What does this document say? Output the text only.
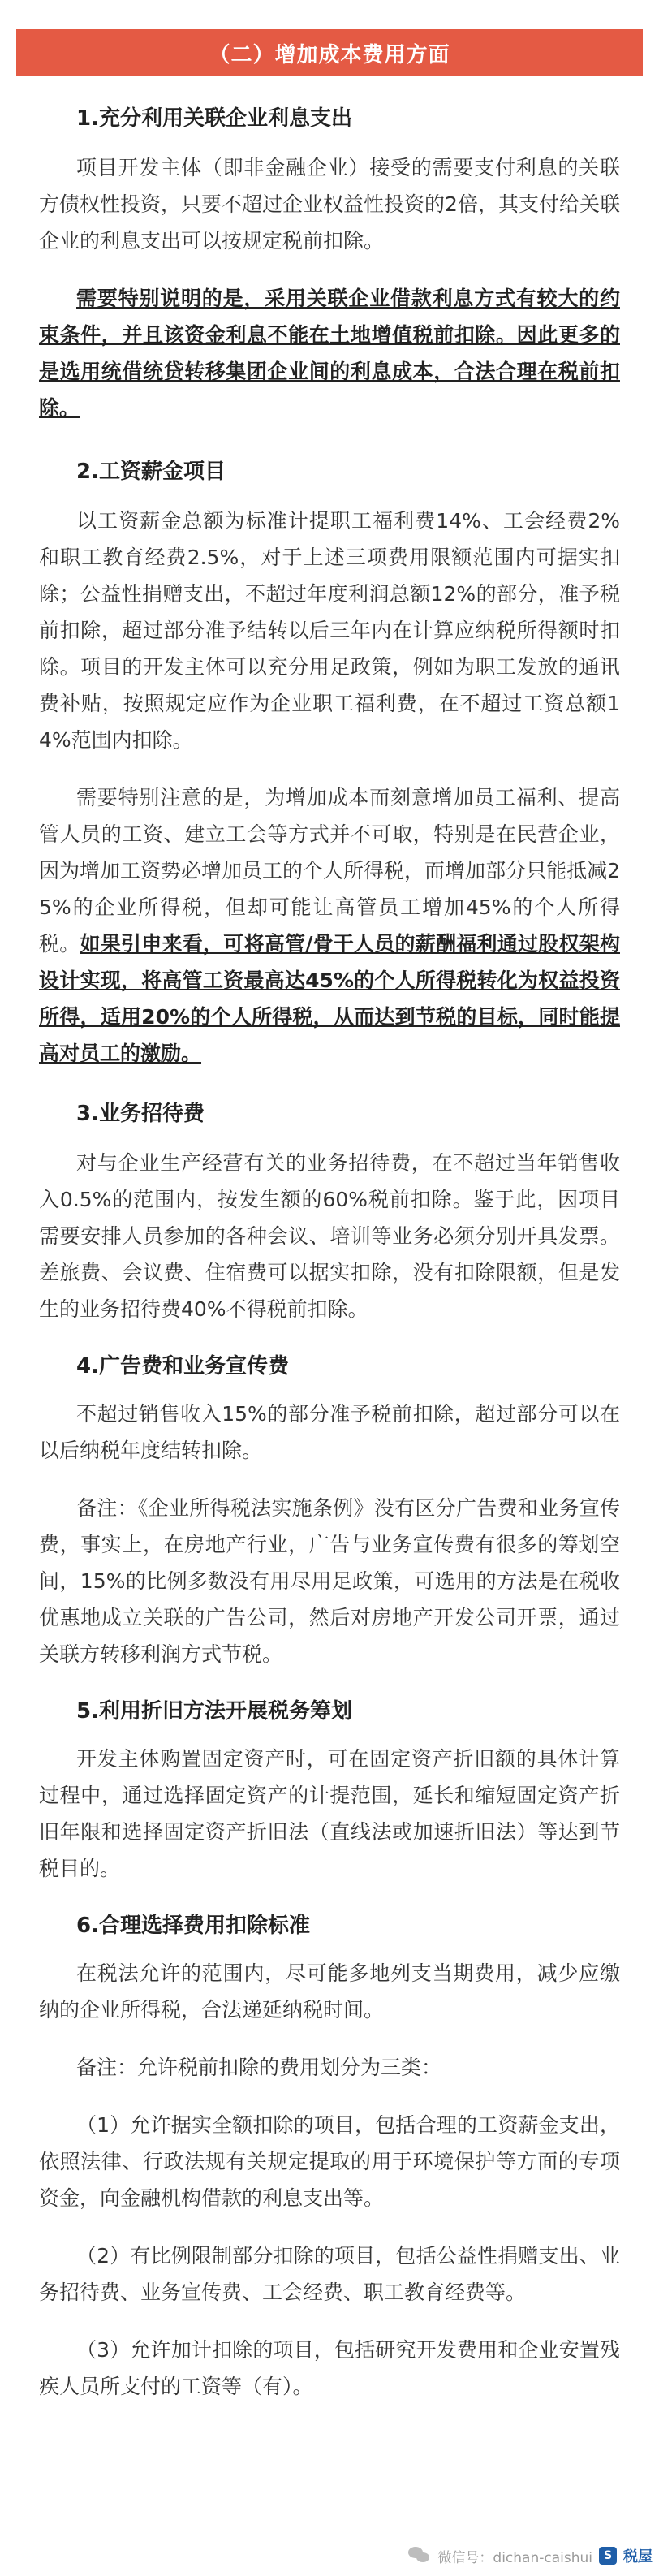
（二）增加成本费用方面

1.充分利用关联企业利息支出

项目开发主体（即非金融企业）接受的需要支付利息的关联方债权性投资，只要不超过企业权益性投资的2倍，其支付给关联企业的利息支出可以按规定税前扣除。

需要特别说明的是，采用关联企业借款利息方式有较大的约束条件，并且该资金利息不能在土地增值税前扣除。因此更多的是选用统借统贷转移集团企业间的利息成本，合法合理在税前扣除。

2.工资薪金项目

以工资薪金总额为标准计提职工福利费14%、工会经费2%和职工教育经费2.5%，对于上述三项费用限额范围内可据实扣除；公益性捐赠支出，不超过年度利润总额12%的部分，准予税前扣除，超过部分准予结转以后三年内在计算应纳税所得额时扣除。项目的开发主体可以充分用足政策，例如为职工发放的通讯费补贴，按照规定应作为企业职工福利费，在不超过工资总额14%范围内扣除。

需要特别注意的是，为增加成本而刻意增加员工福利、提高管人员的工资、建立工会等方式并不可取，特别是在民营企业，因为增加工资势必增加员工的个人所得税，而增加部分只能抵减25%的企业所得税，但却可能让高管员工增加45%的个人所得税。如果引申来看，可将高管/骨干人员的薪酬福利通过股权架构设计实现，将高管工资最高达45%的个人所得税转化为权益投资所得，适用20%的个人所得税，从而达到节税的目标，同时能提高对员工的激励。

3.业务招待费

对与企业生产经营有关的业务招待费，在不超过当年销售收入0.5%的范围内，按发生额的60%税前扣除。鉴于此，因项目需要安排人员参加的各种会议、培训等业务必须分别开具发票。差旅费、会议费、住宿费可以据实扣除，没有扣除限额，但是发生的业务招待费40%不得税前扣除。

4.广告费和业务宣传费

不超过销售收入15%的部分准予税前扣除，超过部分可以在以后纳税年度结转扣除。

备注：《企业所得税法实施条例》没有区分广告费和业务宣传费，事实上，在房地产行业，广告与业务宣传费有很多的筹划空间，15%的比例多数没有用尽用足政策，可选用的方法是在税收优惠地成立关联的广告公司，然后对房地产开发公司开票，通过关联方转移利润方式节税。

5.利用折旧方法开展税务筹划

开发主体购置固定资产时，可在固定资产折旧额的具体计算过程中，通过选择固定资产的计提范围，延长和缩短固定资产折旧年限和选择固定资产折旧法（直线法或加速折旧法）等达到节税目的。

6.合理选择费用扣除标准

在税法允许的范围内，尽可能多地列支当期费用，减少应缴纳的企业所得税，合法递延纳税时间。

备注：允许税前扣除的费用划分为三类：

（1）允许据实全额扣除的项目，包括合理的工资薪金支出，依照法律、行政法规有关规定提取的用于环境保护等方面的专项资金，向金融机构借款的利息支出等。

（2）有比例限制部分扣除的项目，包括公益性捐赠支出、业务招待费、业务宣传费、工会经费、职工教育经费等。

（3）允许加计扣除的项目，包括研究开发费用和企业安置残疾人员所支付的工资等（有）。

微信号：dichan-caishui S 税屋
